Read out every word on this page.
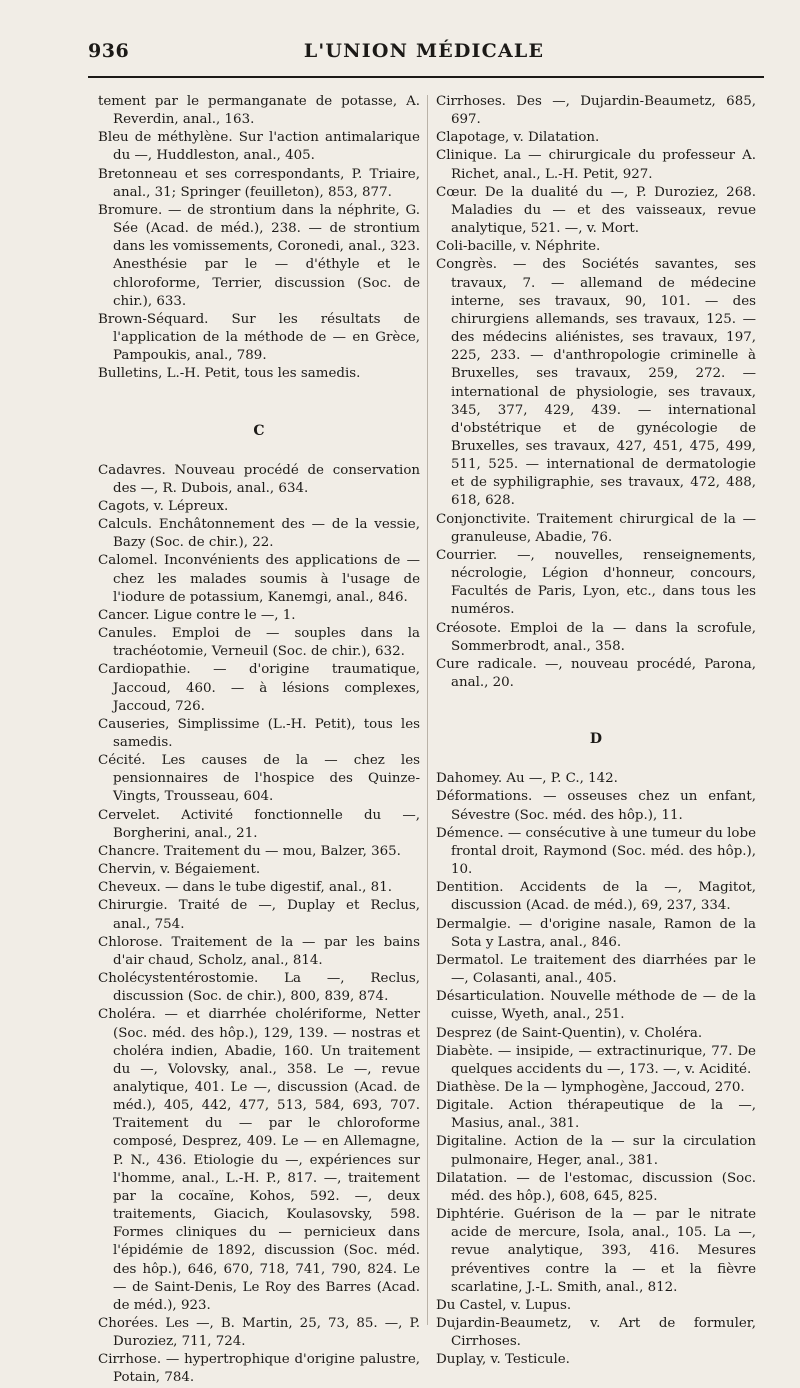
936	L'UNION MÉDICALE

tement par le permanganate de potasse, A. Reverdin, anal., 163.

Bleu de méthylène. Sur l'action antimalarique du —, Huddleston, anal., 405.

Bretonneau et ses correspondants, P. Triaire, anal., 31; Springer (feuilleton), 853, 877.

Bromure. — de strontium dans la néphrite, G. Sée (Acad. de méd.), 238. — de strontium dans les vomissements, Coronedi, anal., 323. Anesthésie par le — d'éthyle et le chloroforme, Terrier, discussion (Soc. de chir.), 633.

Brown-Séquard. Sur les résultats de l'application de la méthode de — en Grèce, Pampoukis, anal., 789.

Bulletins, L.-H. Petit, tous les samedis.

C

Cadavres. Nouveau procédé de conservation des —, R. Dubois, anal., 634.

Cagots, v. Lépreux.

Calculs. Enchâtonnement des — de la vessie, Bazy (Soc. de chir.), 22.

Calomel. Inconvénients des applications de — chez les malades soumis à l'usage de l'iodure de potassium, Kanemgi, anal., 846.

Cancer. Ligue contre le —, 1.

Canules. Emploi de — souples dans la trachéotomie, Verneuil (Soc. de chir.), 632.

Cardiopathie. — d'origine traumatique, Jaccoud, 460. — à lésions complexes, Jaccoud, 726.

Causeries, Simplissime (L.-H. Petit), tous les samedis.

Cécité. Les causes de la — chez les pensionnaires de l'hospice des Quinze-Vingts, Trousseau, 604.

Cervelet. Activité fonctionnelle du —, Borgherini, anal., 21.

Chancre. Traitement du — mou, Balzer, 365.

Chervin, v. Bégaiement.

Cheveux. — dans le tube digestif, anal., 81.

Chirurgie. Traité de —, Duplay et Reclus, anal., 754.

Chlorose. Traitement de la — par les bains d'air chaud, Scholz, anal., 814.

Cholécystentérostomie. La —, Reclus, discussion (Soc. de chir.), 800, 839, 874.

Choléra. — et diarrhée cholériforme, Netter (Soc. méd. des hôp.), 129, 139. — nostras et choléra indien, Abadie, 160. Un traitement du —, Volovsky, anal., 358. Le —, revue analytique, 401. Le —, discussion (Acad. de méd.), 405, 442, 477, 513, 584, 693, 707. Traitement du — par le chloroforme composé, Desprez, 409. Le — en Allemagne, P. N., 436. Etiologie du —, expériences sur l'homme, anal., L.-H. P., 817. —, traitement par la cocaïne, Kohos, 592. —, deux traitements, Giacich, Koulasovsky, 598. Formes cliniques du — pernicieux dans l'épidémie de 1892, discussion (Soc. méd. des hôp.), 646, 670, 718, 741, 790, 824. Le — de Saint-Denis, Le Roy des Barres (Acad. de méd.), 923.

Chorées. Les —, B. Martin, 25, 73, 85. —, P. Duroziez, 711, 724.

Cirrhose. — hypertrophique d'origine palustre, Potain, 784.

Cirrhoses. Des —, Dujardin-Beaumetz, 685, 697.

Clapotage, v. Dilatation.

Clinique. La — chirurgicale du professeur A. Richet, anal., L.-H. Petit, 927.

Cœur. De la dualité du —, P. Duroziez, 268. Maladies du — et des vaisseaux, revue analytique, 521. —, v. Mort.

Coli-bacille, v. Néphrite.

Congrès. — des Sociétés savantes, ses travaux, 7. — allemand de médecine interne, ses travaux, 90, 101. — des chirurgiens allemands, ses travaux, 125. — des médecins aliénistes, ses travaux, 197, 225, 233. — d'anthropologie criminelle à Bruxelles, ses travaux, 259, 272. — international de physiologie, ses travaux, 345, 377, 429, 439. — international d'obstétrique et de gynécologie de Bruxelles, ses travaux, 427, 451, 475, 499, 511, 525. — international de dermatologie et de syphiligraphie, ses travaux, 472, 488, 618, 628.

Conjonctivite. Traitement chirurgical de la — granuleuse, Abadie, 76.

Courrier. —, nouvelles, renseignements, nécrologie, Légion d'honneur, concours, Facultés de Paris, Lyon, etc., dans tous les numéros.

Créosote. Emploi de la — dans la scrofule, Sommerbrodt, anal., 358.

Cure radicale. —, nouveau procédé, Parona, anal., 20.

D

Dahomey. Au —, P. C., 142.

Déformations. — osseuses chez un enfant, Sévestre (Soc. méd. des hôp.), 11.

Démence. — consécutive à une tumeur du lobe frontal droit, Raymond (Soc. méd. des hôp.), 10.

Dentition. Accidents de la —, Magitot, discussion (Acad. de méd.), 69, 237, 334.

Dermalgie. — d'origine nasale, Ramon de la Sota y Lastra, anal., 846.

Dermatol. Le traitement des diarrhées par le —, Colasanti, anal., 405.

Désarticulation. Nouvelle méthode de — de la cuisse, Wyeth, anal., 251.

Desprez (de Saint-Quentin), v. Choléra.

Diabète. — insipide, — extractinurique, 77. De quelques accidents du —, 173. —, v. Acidité.

Diathèse. De la — lymphogène, Jaccoud, 270.

Digitale. Action thérapeutique de la —, Masius, anal., 381.

Digitaline. Action de la — sur la circulation pulmonaire, Heger, anal., 381.

Dilatation. — de l'estomac, discussion (Soc. méd. des hôp.), 608, 645, 825.

Diphtérie. Guérison de la — par le nitrate acide de mercure, Isola, anal., 105. La —, revue analytique, 393, 416. Mesures préventives contre la — et la fièvre scarlatine, J.-L. Smith, anal., 812.

Du Castel, v. Lupus.

Dujardin-Beaumetz, v. Art de formuler, Cirrhoses.

Duplay, v. Testicule.
